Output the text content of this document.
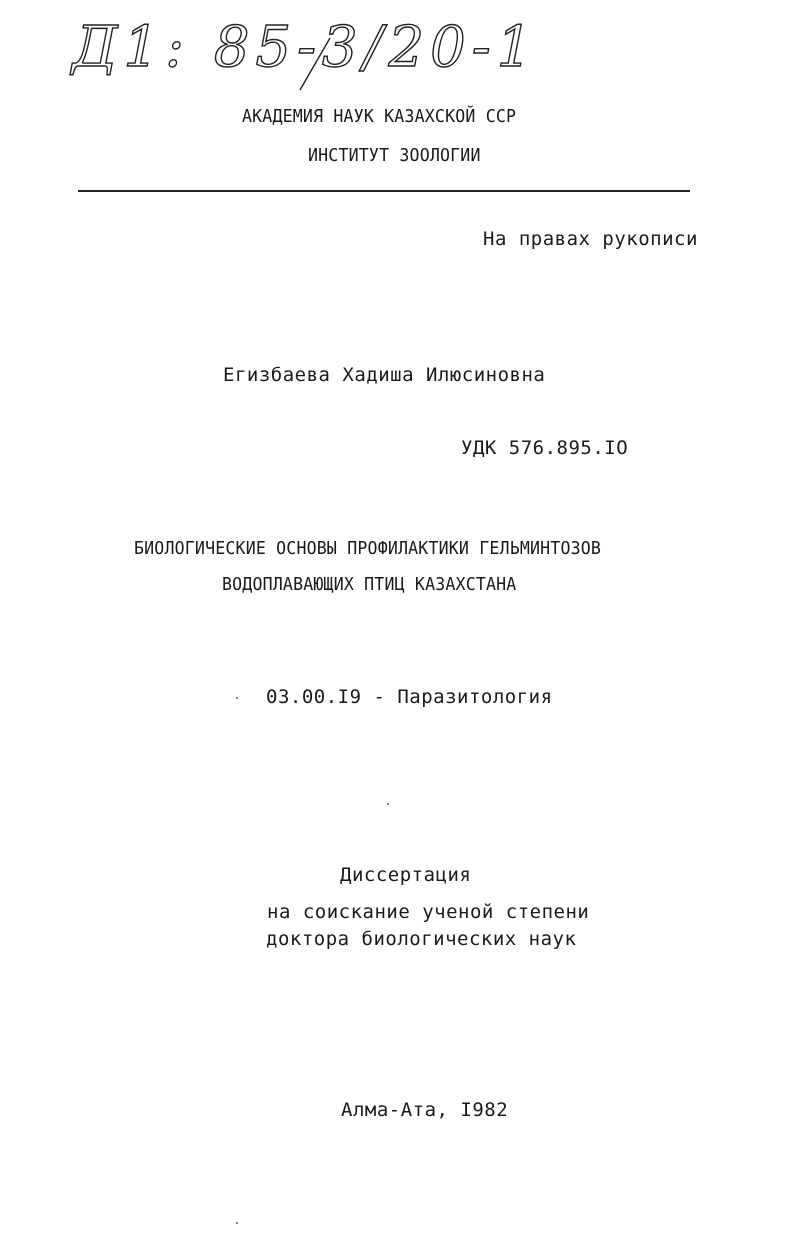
Д1: 85-3/20-1
АКАДЕМИЯ НАУК КАЗАХСКОЙ ССР
ИНСТИТУТ ЗООЛОГИИ
На правах рукописи
Егизбаева Хадиша Илюсиновна
УДК 576.895.IO
БИОЛОГИЧЕСКИЕ ОСНОВЫ ПРОФИЛАКТИКИ ГЕЛЬМИНТОЗОВ
ВОДОПЛАВАЮЩИХ ПТИЦ КАЗАХСТАНА
03.00.I9 - Паразитология
Диссертация
на соискание ученой степени
доктора биологических наук
Алма-Ата, I982
